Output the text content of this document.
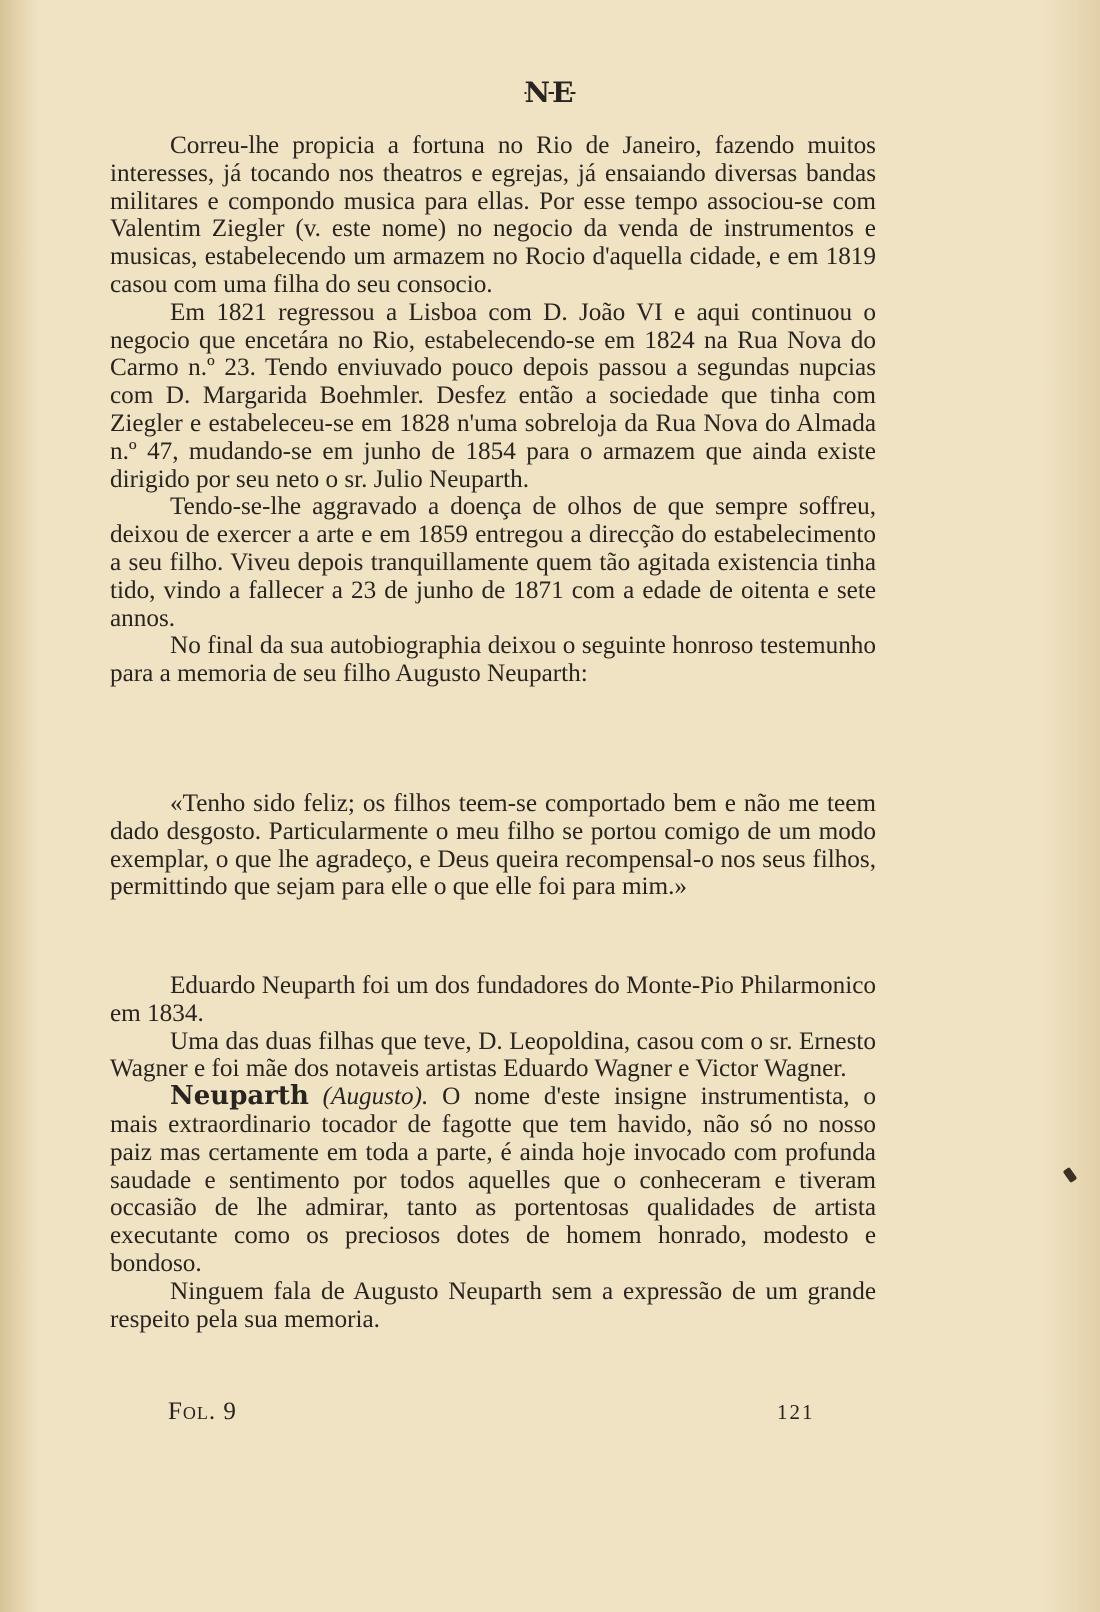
NE

Correu-lhe propicia a fortuna no Rio de Janeiro, fazendo muitos interesses, já tocando nos theatros e egrejas, já ensaiando diversas bandas militares e compondo musica para ellas. Por esse tempo associou-se com Valentim Ziegler (v. este nome) no negocio da venda de instrumentos e musicas, estabelecendo um armazem no Rocio d'aquella cidade, e em 1819 casou com uma filha do seu consocio.

Em 1821 regressou a Lisboa com D. João VI e aqui continuou o negocio que encetára no Rio, estabelecendo-se em 1824 na Rua Nova do Carmo n.º 23. Tendo enviuvado pouco depois passou a segundas nupcias com D. Margarida Boehmler. Desfez então a sociedade que tinha com Ziegler e estabeleceu-se em 1828 n'uma sobreloja da Rua Nova do Almada n.º 47, mudando-se em junho de 1854 para o armazem que ainda existe dirigido por seu neto o sr. Julio Neuparth.

Tendo-se-lhe aggravado a doença de olhos de que sempre soffreu, deixou de exercer a arte e em 1859 entregou a direcção do estabelecimento a seu filho. Viveu depois tranquillamente quem tão agitada existencia tinha tido, vindo a fallecer a 23 de junho de 1871 com a edade de oitenta e sete annos.

No final da sua autobiographia deixou o seguinte honroso testemunho para a memoria de seu filho Augusto Neuparth:

«Tenho sido feliz; os filhos teem-se comportado bem e não me teem dado desgosto. Particularmente o meu filho se portou comigo de um modo exemplar, o que lhe agradeço, e Deus queira recompensal-o nos seus filhos, permittindo que sejam para elle o que elle foi para mim.»

Eduardo Neuparth foi um dos fundadores do Monte-Pio Philarmonico em 1834.

Uma das duas filhas que teve, D. Leopoldina, casou com o sr. Ernesto Wagner e foi mãe dos notaveis artistas Eduardo Wagner e Victor Wagner.

Neuparth (Augusto). O nome d'este insigne instrumentista, o mais extraordinario tocador de fagotte que tem havido, não só no nosso paiz mas certamente em toda a parte, é ainda hoje invocado com profunda saudade e sentimento por todos aquelles que o conheceram e tiveram occasião de lhe admirar, tanto as portentosas qualidades de artista executante como os preciosos dotes de homem honrado, modesto e bondoso.

Ninguem fala de Augusto Neuparth sem a expressão de um grande respeito pela sua memoria.

Fol. 9	121
